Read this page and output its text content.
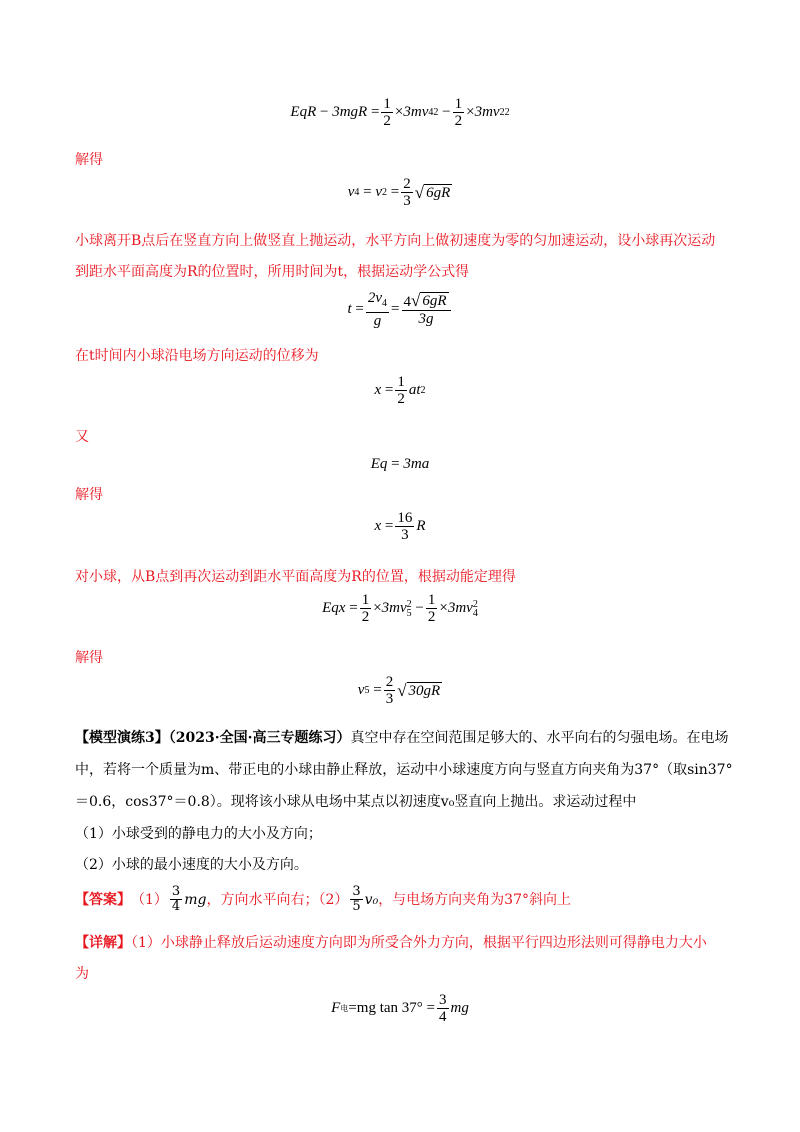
EqR
−
3mgR
= $\frac{1}{2} \times 3mv$ 4 2
− $\frac{1}{2} \times 3mv$ 2 2
解得
v 4
=
v 2
= $\frac{2}{3}$ √ 6gR
小球离开B点后在竖直方向上做竖直上抛运动，水平方向上做初速度为零的匀加速运动，设小球再次运动
到距水平面高度为R的位置时，所用时间为t，根据运动学公式得
t
= $\frac{2v_4}{g} = \frac{4 √ 6gR}{3g}$
在t时间内小球沿电场方向运动的位移为
x
= $\frac{1}{2}$ at 2
又
Eq
=
3ma
解得
x
= $\frac{16}{3}$ R
对小球，从B点到再次运动到距水平面高度为R的位置，根据动能定理得
Eqx
= $\frac{1}{2} \times 3mv$ 2
5
− $\frac{1}{2} \times 3mv$ 2
4
解得
v 5
= $\frac{2}{3}$ √ 30gR
【模型演练3】（2023·全国·高三专题练习）真空中存在空间范围足够大的、水平向右的匀强电场。在电场
中，若将一个质量为m、带正电的小球由静止释放，运动中小球速度方向与竖直方向夹角为37°（取sin37°
＝0.6，cos37°＝0.8）。现将该小球从电场中某点以初速度v₀竖直向上抛出。求运动过程中
（1）小球受到的静电力的大小及方向；
（2）小球的最小速度的大小及方向。
【答案】 $(1) \frac{3}{4}$ mg ，方向水平向右；$(2) \frac{3}{5} v_0$ ，与电场方向夹角为37°斜向上
【详解】（1）小球静止释放后运动速度方向即为所受合外力方向，根据平行四边形法则可得静电力大小
为
F 电 =mg tan 37°
= $\frac{3}{4}$ mg
